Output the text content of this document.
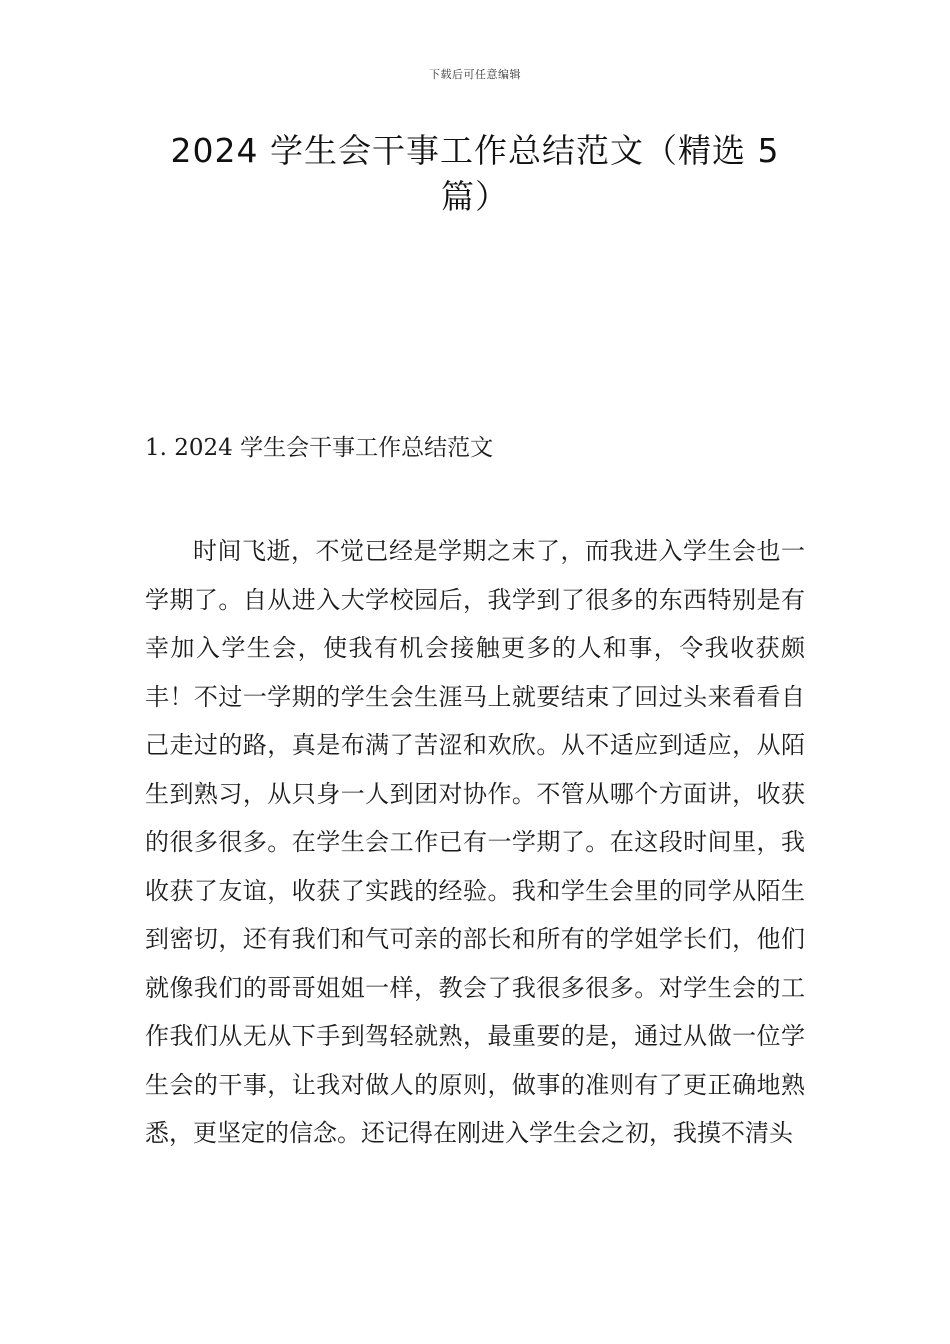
下载后可任意编辑
2024 学生会干事工作总结范文（精选 5 篇）
1. 2024 学生会干事工作总结范文

时间飞逝，不觉已经是学期之末了，而我进入学生会也一学期了。自从进入大学校园后，我学到了很多的东西特别是有幸加入学生会，使我有机会接触更多的人和事，令我收获颇丰！不过一学期的学生会生涯马上就要结束了回过头来看看自己走过的路，真是布满了苦涩和欢欣。从不适应到适应，从陌生到熟习，从只身一人到团对协作。不管从哪个方面讲，收获的很多很多。在学生会工作已有一学期了。在这段时间里，我收获了友谊，收获了实践的经验。我和学生会里的同学从陌生到密切，还有我们和气可亲的部长和所有的学姐学长们，他们就像我们的哥哥姐姐一样，教会了我很多很多。对学生会的工作我们从无从下手到驾轻就熟，最重要的是，通过从做一位学生会的干事，让我对做人的原则，做事的准则有了更正确地熟悉，更坚定的信念。还记得在刚进入学生会之初，我摸不清头
